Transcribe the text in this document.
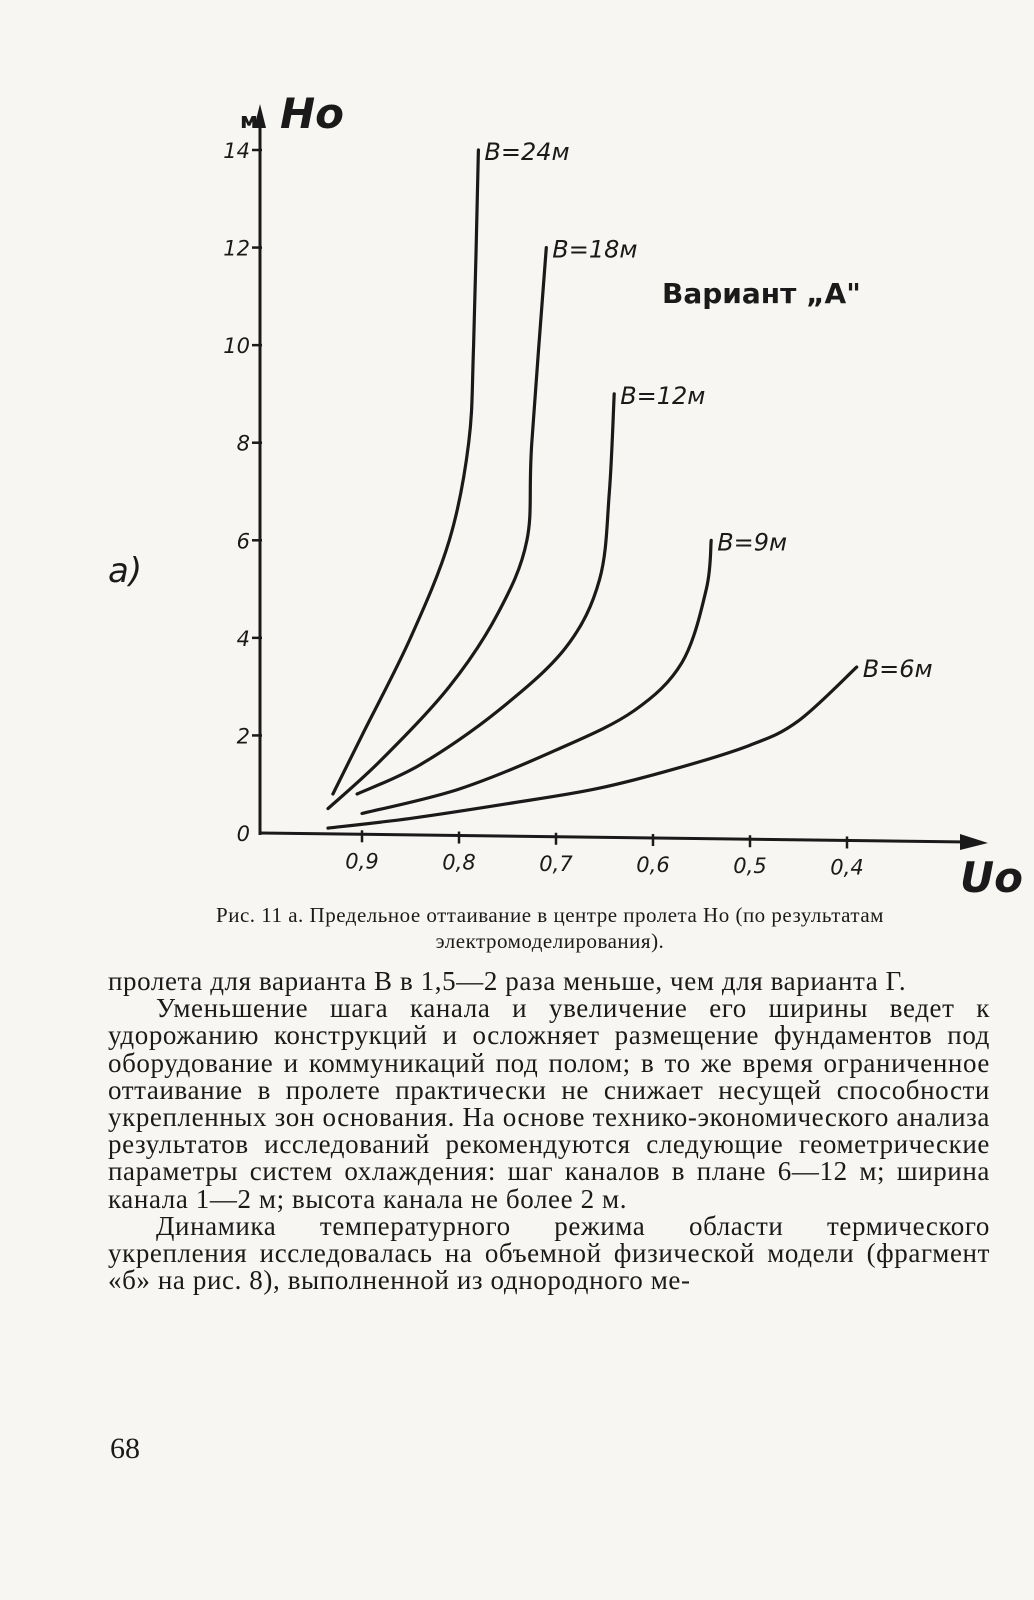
а)
м Hо
Uо
Вариант „А"
0
2
4
6
8
10
12
14
0,9	0,8	0,7	0,6	0,5	0,4
B=24м
B=18м
B=12м
B=9м
B=6м
Рис. 11 а. Предельное оттаивание в центре пролета Hо (по результатам
электромоделирования).

пролета для варианта В в 1,5—2 раза меньше, чем для варианта Г.

Уменьшение шага канала и увеличение его ширины ведет к удорожанию конструкций и осложняет размещение фундаментов под оборудование и коммуникаций под полом; в то же время ограниченное оттаивание в пролете практически не снижает несущей способности укрепленных зон основания. На основе технико-экономического анализа результатов исследований рекомендуются следующие геометрические параметры систем охлаждения: шаг каналов в плане 6—12 м; ширина канала 1—2 м; высота канала не более 2 м.

Динамика температурного режима области термического укрепления исследовалась на объемной физической модели (фрагмент «б» на рис. 8), выполненной из однородного ме-

68
